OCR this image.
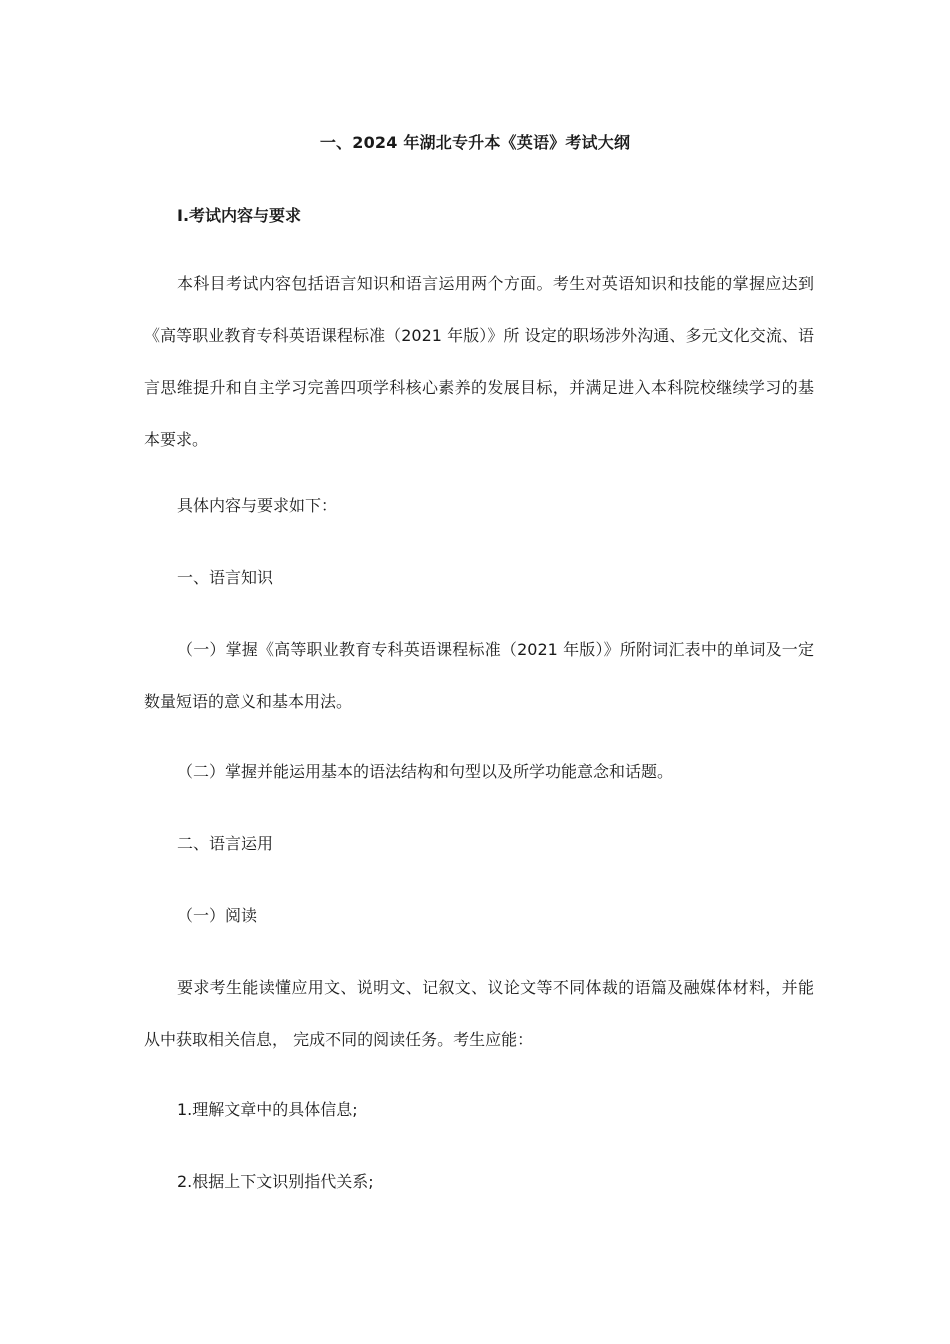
一、2024 年湖北专升本《英语》考试大纲
Ⅰ.考试内容与要求
本科目考试内容包括语言知识和语言运用两个方面。考生对英语知识和技能的掌握应达到《高等职业教育专科英语课程标准（2021 年版）》所 设定的职场涉外沟通、多元文化交流、语言思维提升和自主学习完善四项学科核心素养的发展目标，并满足进入本科院校继续学习的基本要求。
具体内容与要求如下：
一、语言知识
（一）掌握《高等职业教育专科英语课程标准（2021 年版）》所附词汇表中的单词及一定数量短语的意义和基本用法。
（二）掌握并能运用基本的语法结构和句型以及所学功能意念和话题。
二、语言运用
（一）阅读
要求考生能读懂应用文、说明文、记叙文、议论文等不同体裁的语篇及融媒体材料，并能从中获取相关信息， 完成不同的阅读任务。考生应能：
1.理解文章中的具体信息;
2.根据上下文识别指代关系;
